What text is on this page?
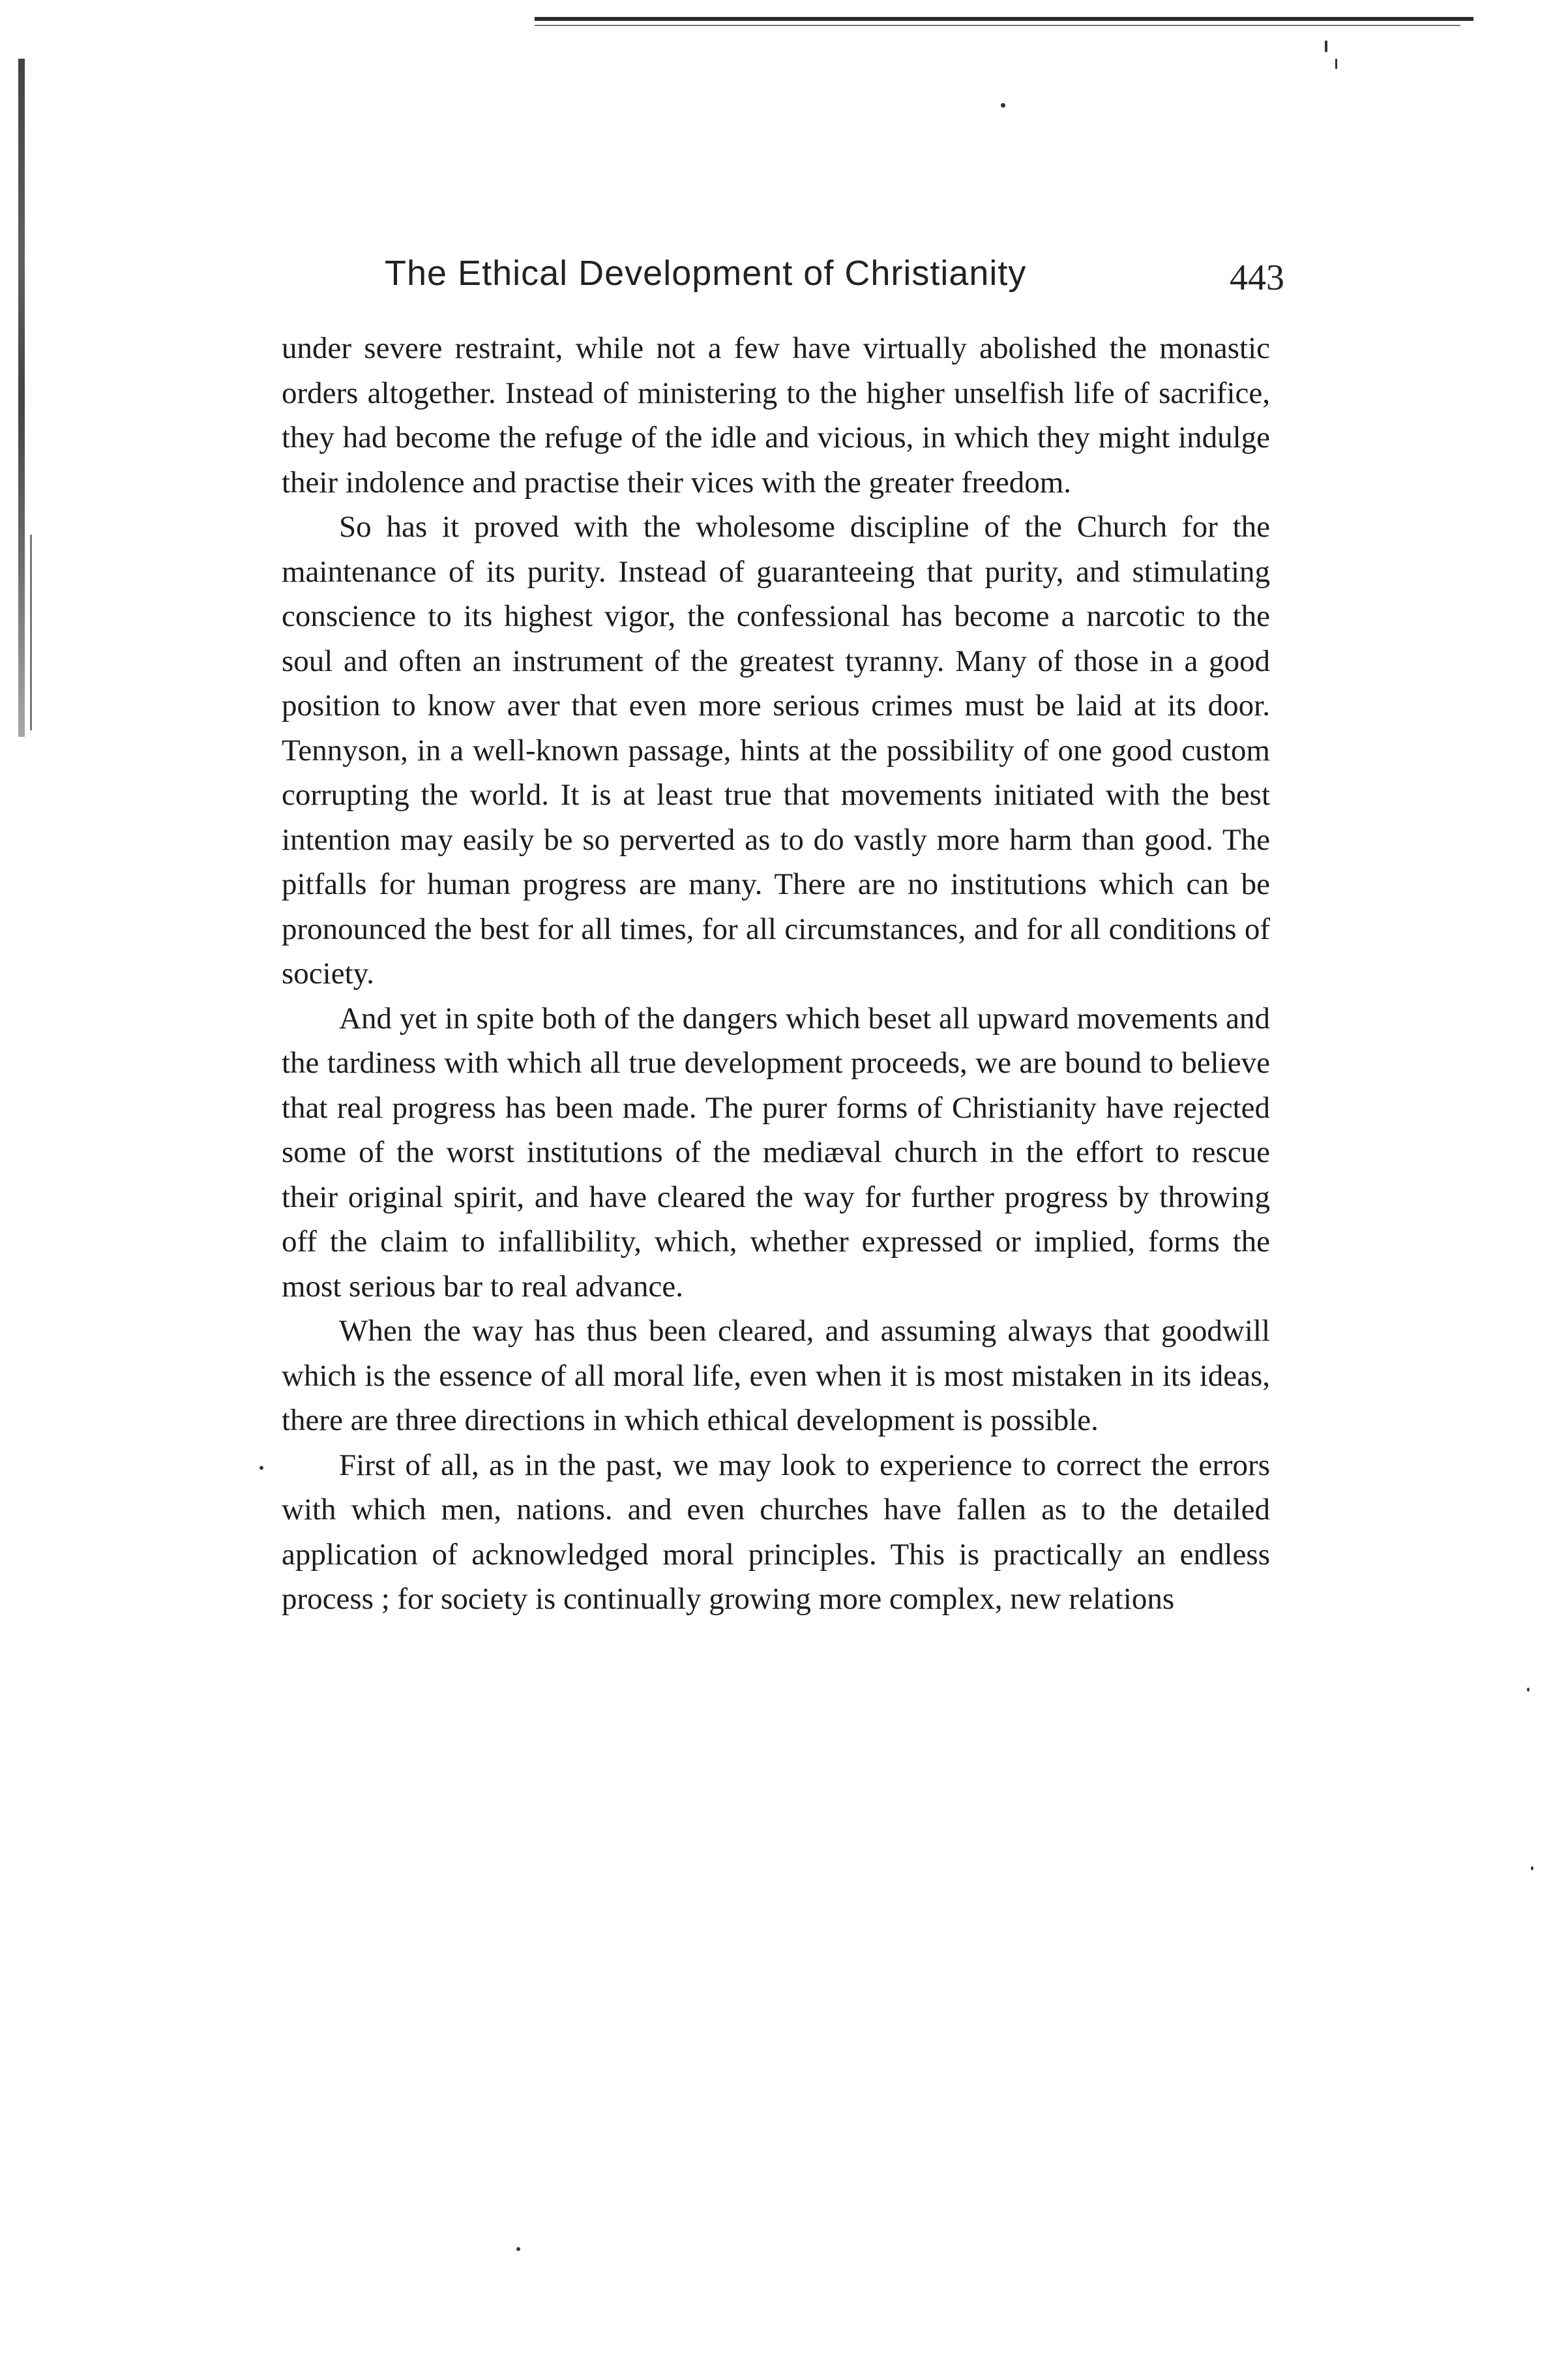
The Ethical Development of Christianity	443

under severe restraint, while not a few have virtually abolished the monastic orders altogether. Instead of ministering to the higher unselfish life of sacrifice, they had become the refuge of the idle and vicious, in which they might indulge their indolence and practise their vices with the greater freedom.

So has it proved with the wholesome discipline of the Church for the maintenance of its purity. Instead of guaranteeing that purity, and stimulating conscience to its highest vigor, the confessional has become a narcotic to the soul and often an instrument of the greatest tyranny. Many of those in a good position to know aver that even more serious crimes must be laid at its door. Tennyson, in a well-known passage, hints at the possibility of one good custom corrupting the world. It is at least true that movements initiated with the best intention may easily be so perverted as to do vastly more harm than good. The pitfalls for human progress are many. There are no institutions which can be pronounced the best for all times, for all circumstances, and for all conditions of society.

And yet in spite both of the dangers which beset all upward movements and the tardiness with which all true development proceeds, we are bound to believe that real progress has been made. The purer forms of Christianity have rejected some of the worst institutions of the mediæval church in the effort to rescue their original spirit, and have cleared the way for further progress by throwing off the claim to infallibility, which, whether expressed or implied, forms the most serious bar to real advance.

When the way has thus been cleared, and assuming always that goodwill which is the essence of all moral life, even when it is most mistaken in its ideas, there are three directions in which ethical development is possible.

First of all, as in the past, we may look to experience to correct the errors with which men, nations. and even churches have fallen as to the detailed application of acknowledged moral principles. This is practically an endless process ; for society is continually growing more complex, new relations
